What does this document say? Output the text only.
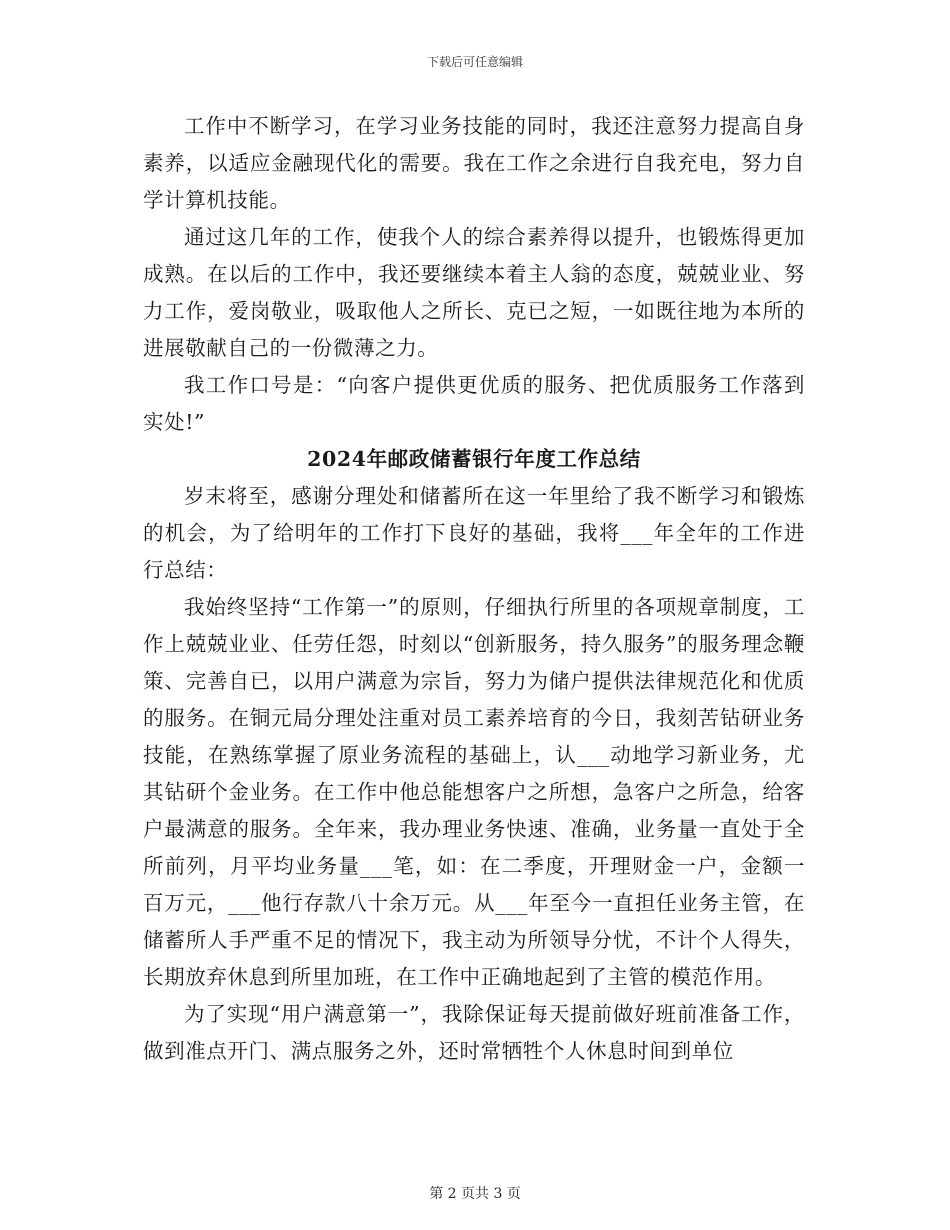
下载后可任意编辑

工作中不断学习，在学习业务技能的同时，我还注意努力提高自身素养，以适应金融现代化的需要。我在工作之余进行自我充电，努力自学计算机技能。

通过这几年的工作，使我个人的综合素养得以提升，也锻炼得更加成熟。在以后的工作中，我还要继续本着主人翁的态度，兢兢业业、努力工作，爱岗敬业，吸取他人之所长、克已之短，一如既往地为本所的进展敬献自己的一份微薄之力。

我工作口号是：“向客户提供更优质的服务、把优质服务工作落到实处!”

2024年邮政储蓄银行年度工作总结

岁末将至，感谢分理处和储蓄所在这一年里给了我不断学习和锻炼的机会，为了给明年的工作打下良好的基础，我将___年全年的工作进行总结：

我始终坚持“工作第一”的原则，仔细执行所里的各项规章制度，工作上兢兢业业、任劳任怨，时刻以“创新服务，持久服务”的服务理念鞭策、完善自已，以用户满意为宗旨，努力为储户提供法律规范化和优质的服务。在铜元局分理处注重对员工素养培育的今日，我刻苦钻研业务技能，在熟练掌握了原业务流程的基础上，认___动地学习新业务，尤其钻研个金业务。在工作中他总能想客户之所想，急客户之所急，给客户最满意的服务。全年来，我办理业务快速、准确，业务量一直处于全所前列，月平均业务量___笔，如：在二季度，开理财金一户，金额一百万元，___他行存款八十余万元。从___年至今一直担任业务主管，在储蓄所人手严重不足的情况下，我主动为所领导分忧，不计个人得失，长期放弃休息到所里加班，在工作中正确地起到了主管的模范作用。

为了实现“用户满意第一”，我除保证每天提前做好班前准备工作，做到准点开门、满点服务之外，还时常牺牲个人休息时间到单位

第 2 页共 3 页
